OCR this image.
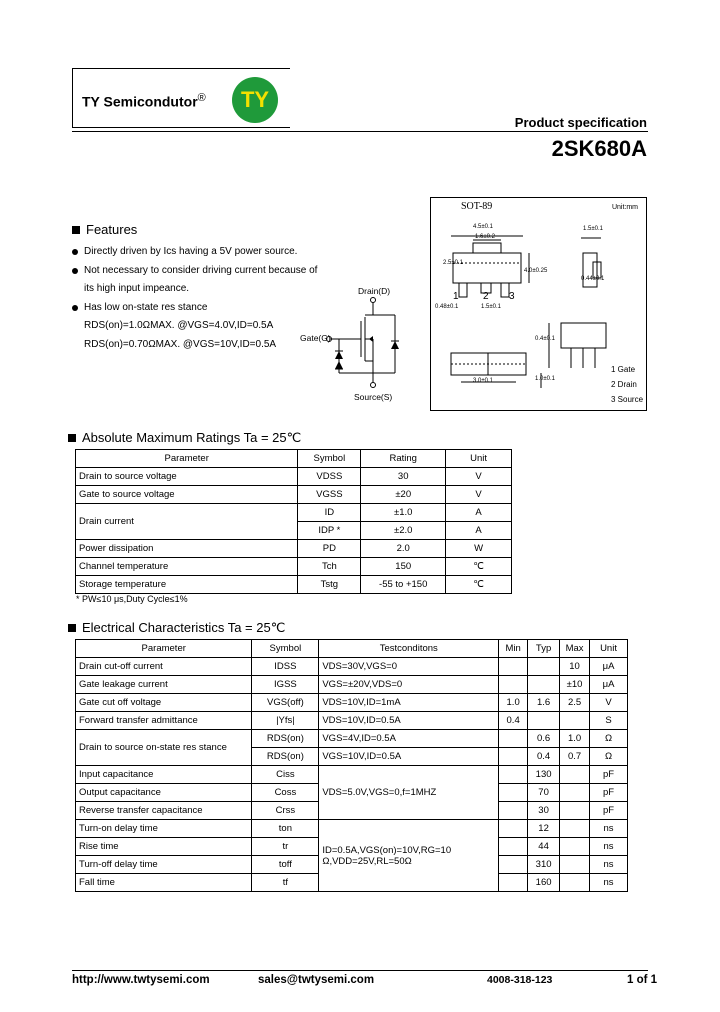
TY Semicondutor®	TY
Product specification
2SK680A
Features
Directly driven by Ics having a 5V power source.
Not necessary to consider driving current because of
its high input impeance.
Has low on-state res stance
RDS(on)=1.0ΩMAX. @VGS=4.0V,ID=0.5A
RDS(on)=0.70ΩMAX. @VGS=10V,ID=0.5A
Drain(D)
Gate(G)
Source(S)
SOT-89	Unit:mm
4.5±0.1
1.6±0.2
2.5±0.1
4.0±0.25
1.5±0.1
0.44±0.1
0.48±0.1
3.0±0.1
1.5±0.1
0.4±0.1
1.0±0.1
1 2 3
1 Gate
2 Drain
3 Source
Absolute Maximum Ratings Ta = 25℃
Parameter	Symbol	Rating	Unit
Drain to source voltage	VDSS	30	V
Gate to source voltage	VGSS	±20	V
Drain current	ID	±1.0	A
	IDP *	±2.0	A
Power dissipation	PD	2.0	W
Channel temperature	Tch	150	℃
Storage temperature	Tstg	-55 to +150	℃
* PW≤10 μs,Duty Cycle≤1%
Electrical Characteristics Ta = 25℃
Parameter	Symbol	Testconditons	Min	Typ	Max	Unit
Drain cut-off current	IDSS	VDS=30V,VGS=0			10	μA
Gate leakage current	IGSS	VGS=±20V,VDS=0			±10	μA
Gate cut off voltage	VGS(off)	VDS=10V,ID=1mA	1.0	1.6	2.5	V
Forward transfer admittance	|Yfs|	VDS=10V,ID=0.5A	0.4			S
Drain to source on-state res stance	RDS(on)	VGS=4V,ID=0.5A		0.6	1.0	Ω
	RDS(on)	VGS=10V,ID=0.5A		0.4	0.7	Ω
Input capacitance	Ciss	VDS=5.0V,VGS=0,f=1MHZ		130		pF
Output capacitance	Coss			70		pF
Reverse transfer capacitance	Crss			30		pF
Turn-on delay time	ton	ID=0.5A,VGS(on)=10V,RG=10
Ω,VDD=25V,RL=50Ω		12		ns
Rise time	tr			44		ns
Turn-off delay time	toff			310		ns
Fall time	tf			160		ns
http://www.twtysemi.com	sales@twtysemi.com	4008-318-123	1 of 1
